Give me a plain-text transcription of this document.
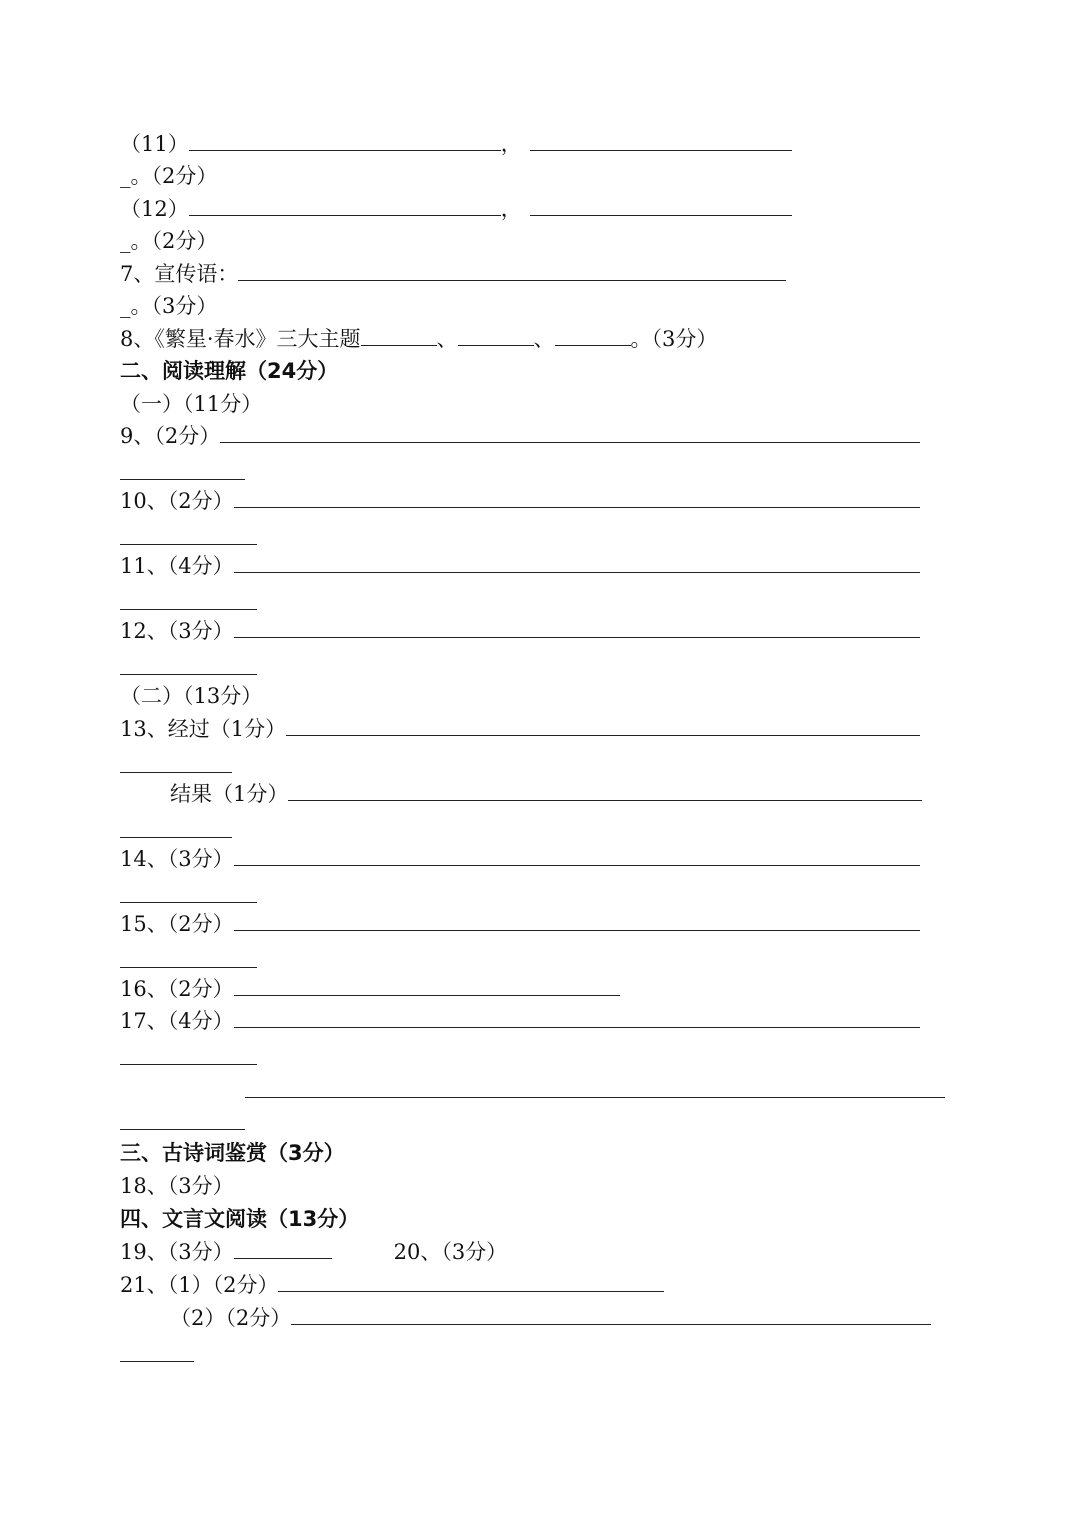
（11）	，
_。（2分）
（12）	，
_。（2分）
7、宣传语：
_。（3分）
8、《繁星·春水》三大主题	、	、	。（3分）
二、阅读理解（24分）
（一）（11分）
9、（2分）
10、（2分）
11、（4分）
12、（3分）
（二）（13分）
13、经过（1分）
结果（1分）
14、（3分）
15、（2分）
16、（2分）
17、（4分）
三、古诗词鉴赏（3分）
18、（3分）
四、文言文阅读（13分）
19、（3分）	20、（3分）
21、（1）（2分）
（2）（2分）
